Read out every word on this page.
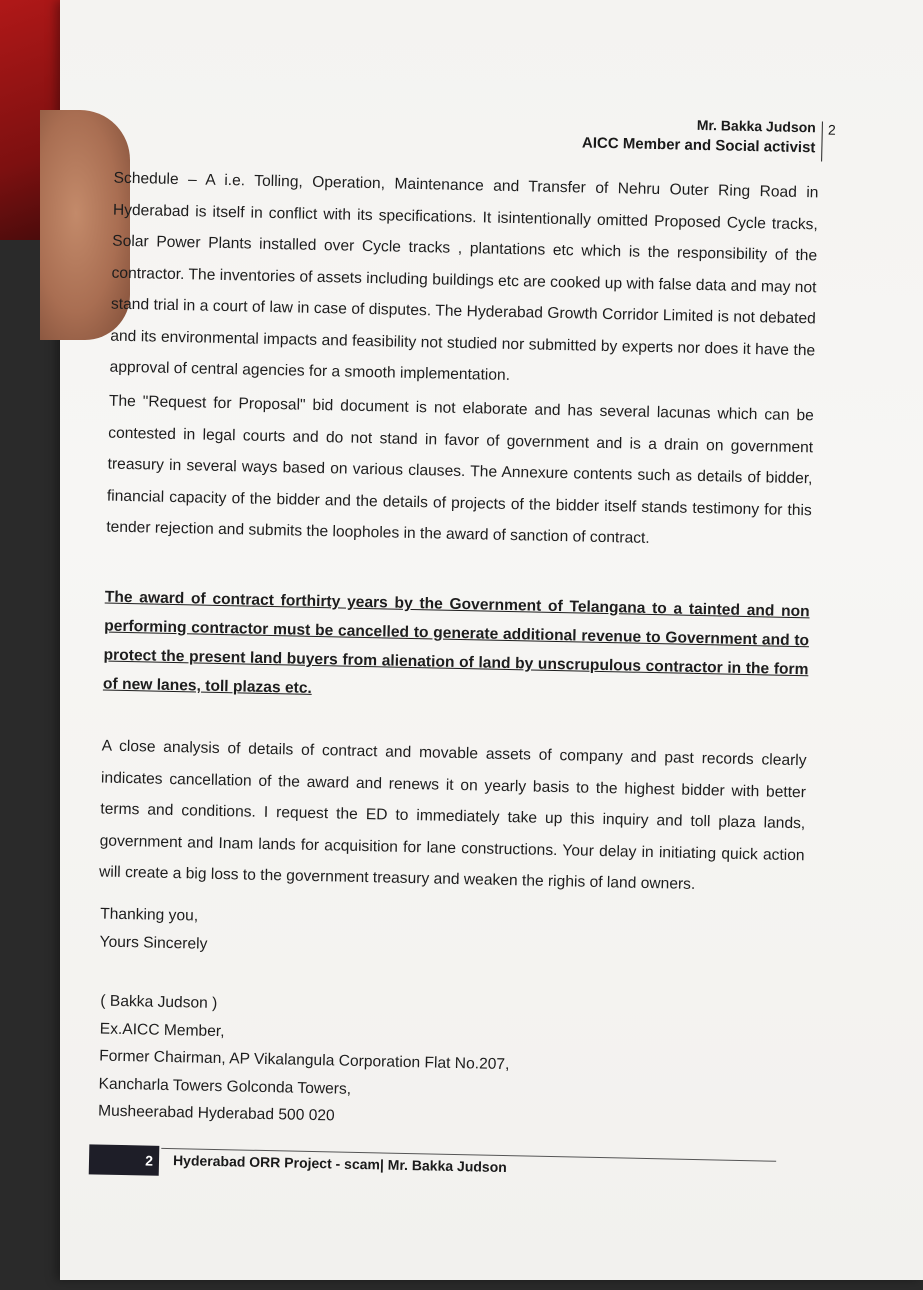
Mr. Bakka Judson
AICC Member and Social activist
2

Schedule – A i.e. Tolling, Operation, Maintenance and Transfer of Nehru Outer Ring Road in Hyderabad is itself in conflict with its specifications. It isintentionally omitted Proposed Cycle tracks, Solar Power Plants installed over Cycle tracks , plantations etc which is the responsibility of the contractor. The inventories of assets including buildings etc are cooked up with false data and may not stand trial in a court of law in case of disputes. The Hyderabad Growth Corridor Limited is not debated and its environmental impacts and feasibility not studied nor submitted by experts nor does it have the approval of central agencies for a smooth implementation.

The "Request for Proposal" bid document is not elaborate and has several lacunas which can be contested in legal courts and do not stand in favor of government and is a drain on government treasury in several ways based on various clauses. The Annexure contents such as details of bidder, financial capacity of the bidder and the details of projects of the bidder itself stands testimony for this tender rejection and submits the loopholes in the award of sanction of contract.

The award of contract forthirty years by the Government of Telangana to a tainted and non performing contractor must be cancelled to generate additional revenue to Government and to protect the present land buyers from alienation of land by unscrupulous contractor in the form of new lanes, toll plazas etc.

A close analysis of details of contract and movable assets of company and past records clearly indicates cancellation of the award and renews it on yearly basis to the highest bidder with better terms and conditions. I request the ED to immediately take up this inquiry and toll plaza lands, government and Inam lands for acquisition for lane constructions. Your delay in initiating quick action will create a big loss to the government treasury and weaken the righis of land owners.

Thanking you,
Yours Sincerely
( Bakka Judson )
Ex.AICC Member,
Former Chairman, AP Vikalangula Corporation Flat No.207,
Kancharla Towers Golconda Towers,
Musheerabad Hyderabad 500 020
2	Hyderabad ORR Project - scam| Mr. Bakka Judson
